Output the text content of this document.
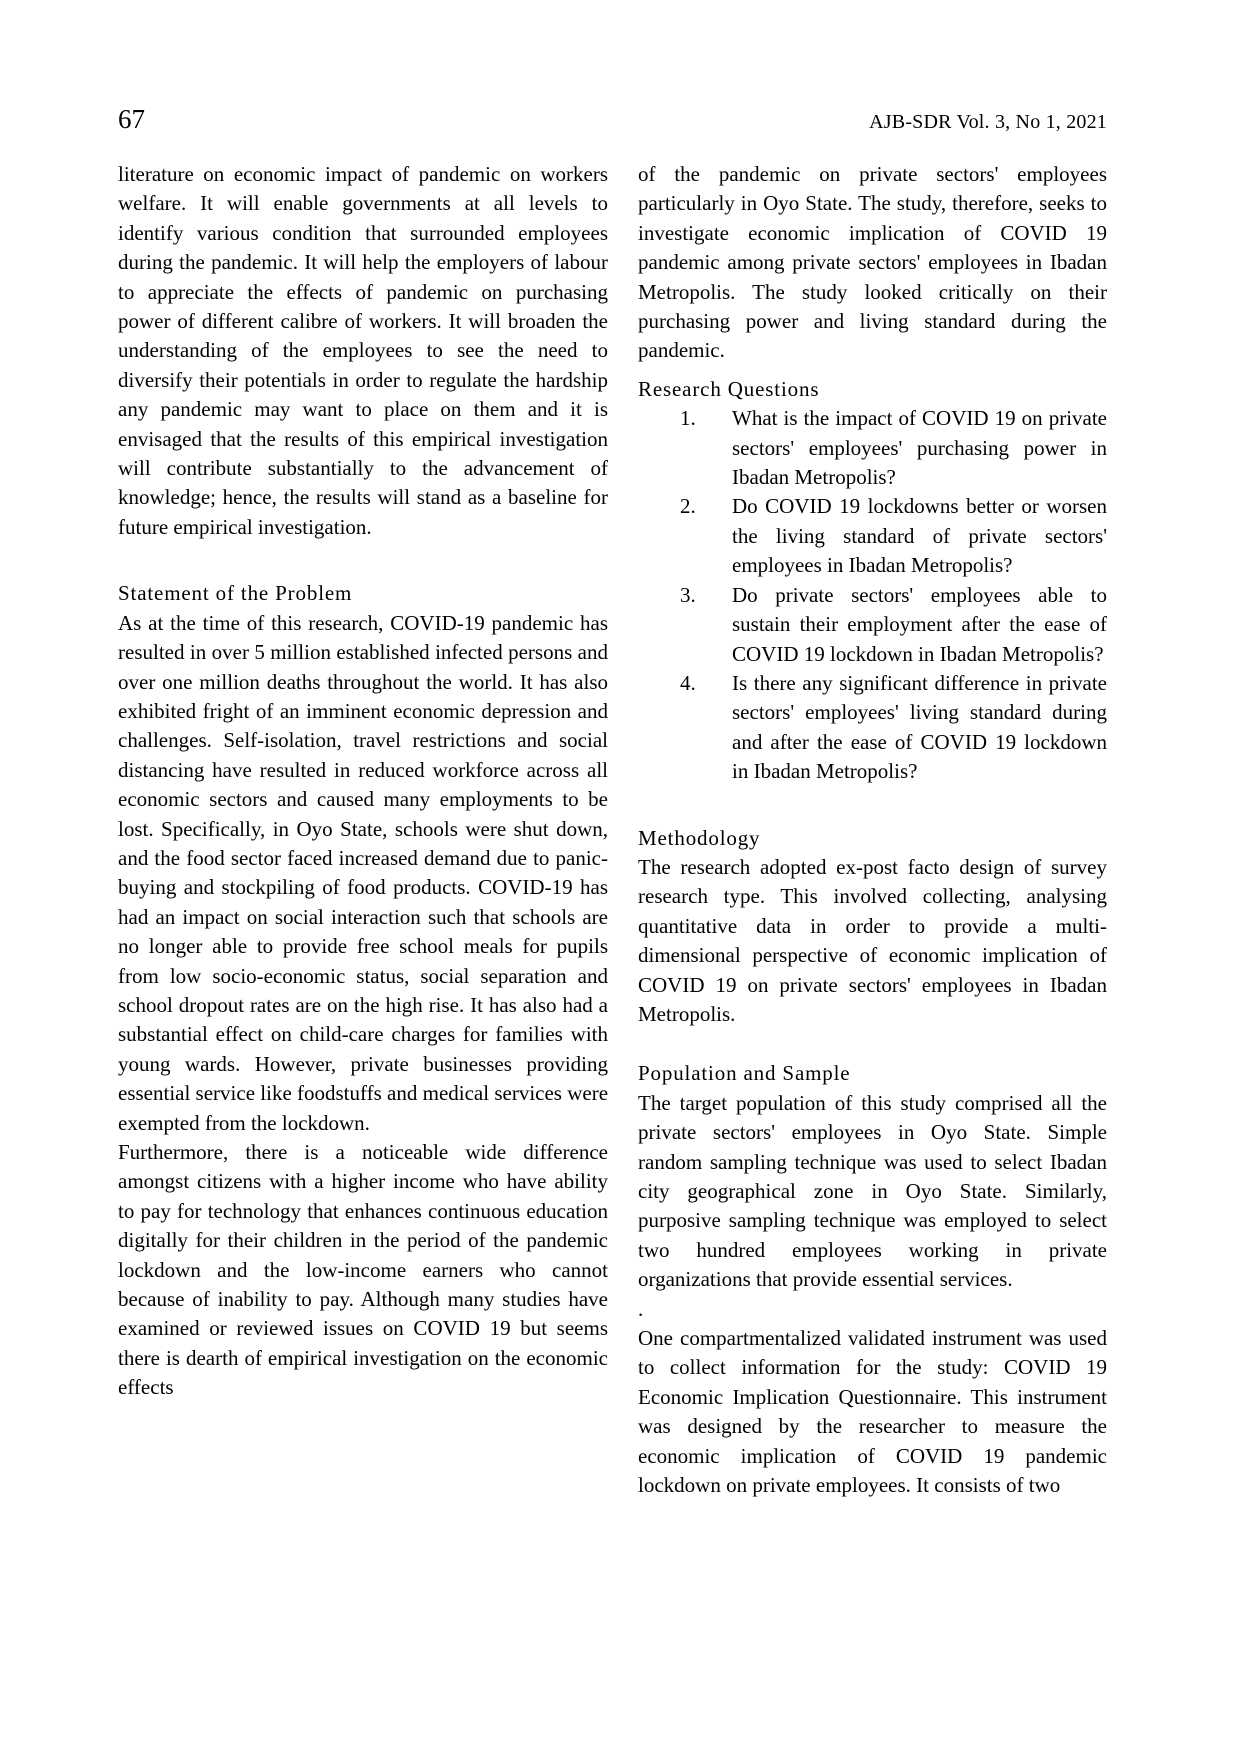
67	AJB-SDR Vol. 3, No 1, 2021

literature on economic impact of pandemic on workers welfare. It will enable governments at all levels to identify various condition that surrounded employees during the pandemic. It will help the employers of labour to appreciate the effects of pandemic on purchasing power of different calibre of workers. It will broaden the understanding of the employees to see the need to diversify their potentials in order to regulate the hardship any pandemic may want to place on them and it is envisaged that the results of this empirical investigation will contribute substantially to the advancement of knowledge; hence, the results will stand as a baseline for future empirical investigation.

Statement of the Problem

As at the time of this research, COVID-19 pandemic has resulted in over 5 million established infected persons and over one million deaths throughout the world. It has also exhibited fright of an imminent economic depression and challenges. Self-isolation, travel restrictions and social distancing have resulted in reduced workforce across all economic sectors and caused many employments to be lost. Specifically, in Oyo State, schools were shut down, and the food sector faced increased demand due to panic-buying and stockpiling of food products. COVID-19 has had an impact on social interaction such that schools are no longer able to provide free school meals for pupils from low socio-economic status, social separation and school dropout rates are on the high rise. It has also had a substantial effect on child-care charges for families with young wards. However, private businesses providing essential service like foodstuffs and medical services were exempted from the lockdown.

Furthermore, there is a noticeable wide difference amongst citizens with a higher income who have ability to pay for technology that enhances continuous education digitally for their children in the period of the pandemic lockdown and the low-income earners who cannot because of inability to pay. Although many studies have examined or reviewed issues on COVID 19 but seems there is dearth of empirical investigation on the economic effects

of the pandemic on private sectors' employees particularly in Oyo State. The study, therefore, seeks to investigate economic implication of COVID 19 pandemic among private sectors' employees in Ibadan Metropolis. The study looked critically on their purchasing power and living standard during the pandemic.

Research Questions
1. What is the impact of COVID 19 on private sectors' employees' purchasing power in Ibadan Metropolis?
2. Do COVID 19 lockdowns better or worsen the living standard of private sectors' employees in Ibadan Metropolis?
3. Do private sectors' employees able to sustain their employment after the ease of COVID 19 lockdown in Ibadan Metropolis?
4. Is there any significant difference in private sectors' employees' living standard during and after the ease of COVID 19 lockdown in Ibadan Metropolis?
Methodology

The research adopted ex-post facto design of survey research type. This involved collecting, analysing quantitative data in order to provide a multi-dimensional perspective of economic implication of COVID 19 on private sectors' employees in Ibadan Metropolis.

Population and Sample

The target population of this study comprised all the private sectors' employees in Oyo State. Simple random sampling technique was used to select Ibadan city geographical zone in Oyo State. Similarly, purposive sampling technique was employed to select two hundred employees working in private organizations that provide essential services.

.

One compartmentalized validated instrument was used to collect information for the study: COVID 19 Economic Implication Questionnaire. This instrument was designed by the researcher to measure the economic implication of COVID 19 pandemic lockdown on private employees. It consists of two
